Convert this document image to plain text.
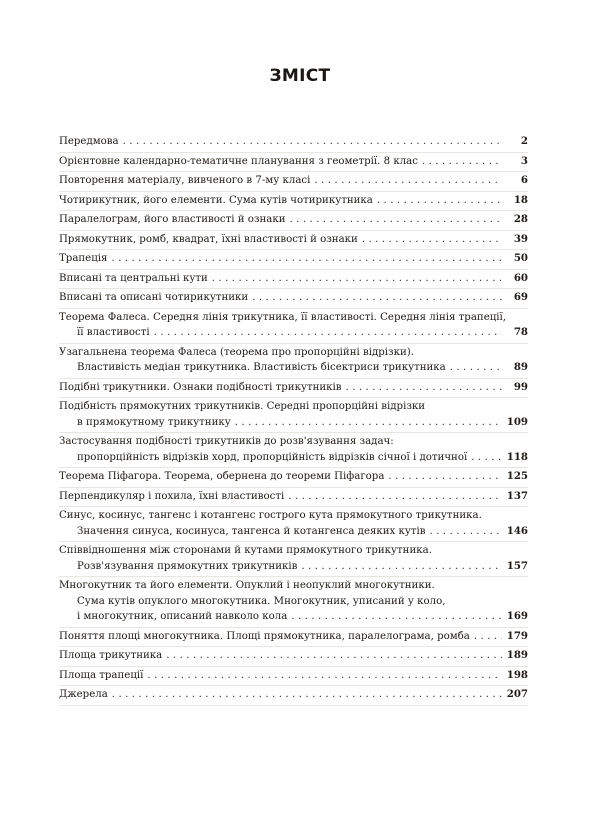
ЗМІСТ
Передмова . . .	2
Орієнтовне календарно-тематичне планування з геометрії. 8 клас . . .	3
Повторення матеріалу, вивченого в 7-му класі . . .	6
Чотирикутник, його елементи. Сума кутів чотирикутника . . .	18
Паралелограм, його властивості й ознаки . . .	28
Прямокутник, ромб, квадрат, їхні властивості й ознаки . . .	39
Трапеція . . .	50
Вписані та центральні кути . . .	60
Вписані та описані чотирикутники . . .	69
Теорема Фалеса. Середня лінія трикутника, її властивості. Середня лінія трапеції,
її властивості . . .	78
Узагальнена теорема Фалеса (теорема про пропорційні відрізки).
Властивість медіан трикутника. Властивість бісектриси трикутника . . .	89
Подібні трикутники. Ознаки подібності трикутників . . .	99
Подібність прямокутних трикутників. Середні пропорційні відрізки
в прямокутному трикутнику . . .	109
Застосування подібності трикутників до розв'язування задач:
пропорційність відрізків хорд, пропорційність відрізків січної і дотичної . . .	118
Теорема Піфагора. Теорема, обернена до теореми Піфагора . . .	125
Перпендикуляр і похила, їхні властивості . . .	137
Синус, косинус, тангенс і котангенс гострого кута прямокутного трикутника.
Значення синуса, косинуса, тангенса й котангенса деяких кутів . . .	146
Співвідношення між сторонами й кутами прямокутного трикутника.
Розв'язування прямокутних трикутників . . .	157
Многокутник та його елементи. Опуклий і неопуклий многокутники.
Сума кутів опуклого многокутника. Многокутник, уписаний у коло,
і многокутник, описаний навколо кола . . .	169
Поняття площі многокутника. Площі прямокутника, паралелограма, ромба . . .	179
Площа трикутника . . .	189
Площа трапеції . . .	198
Джерела . . .	207
